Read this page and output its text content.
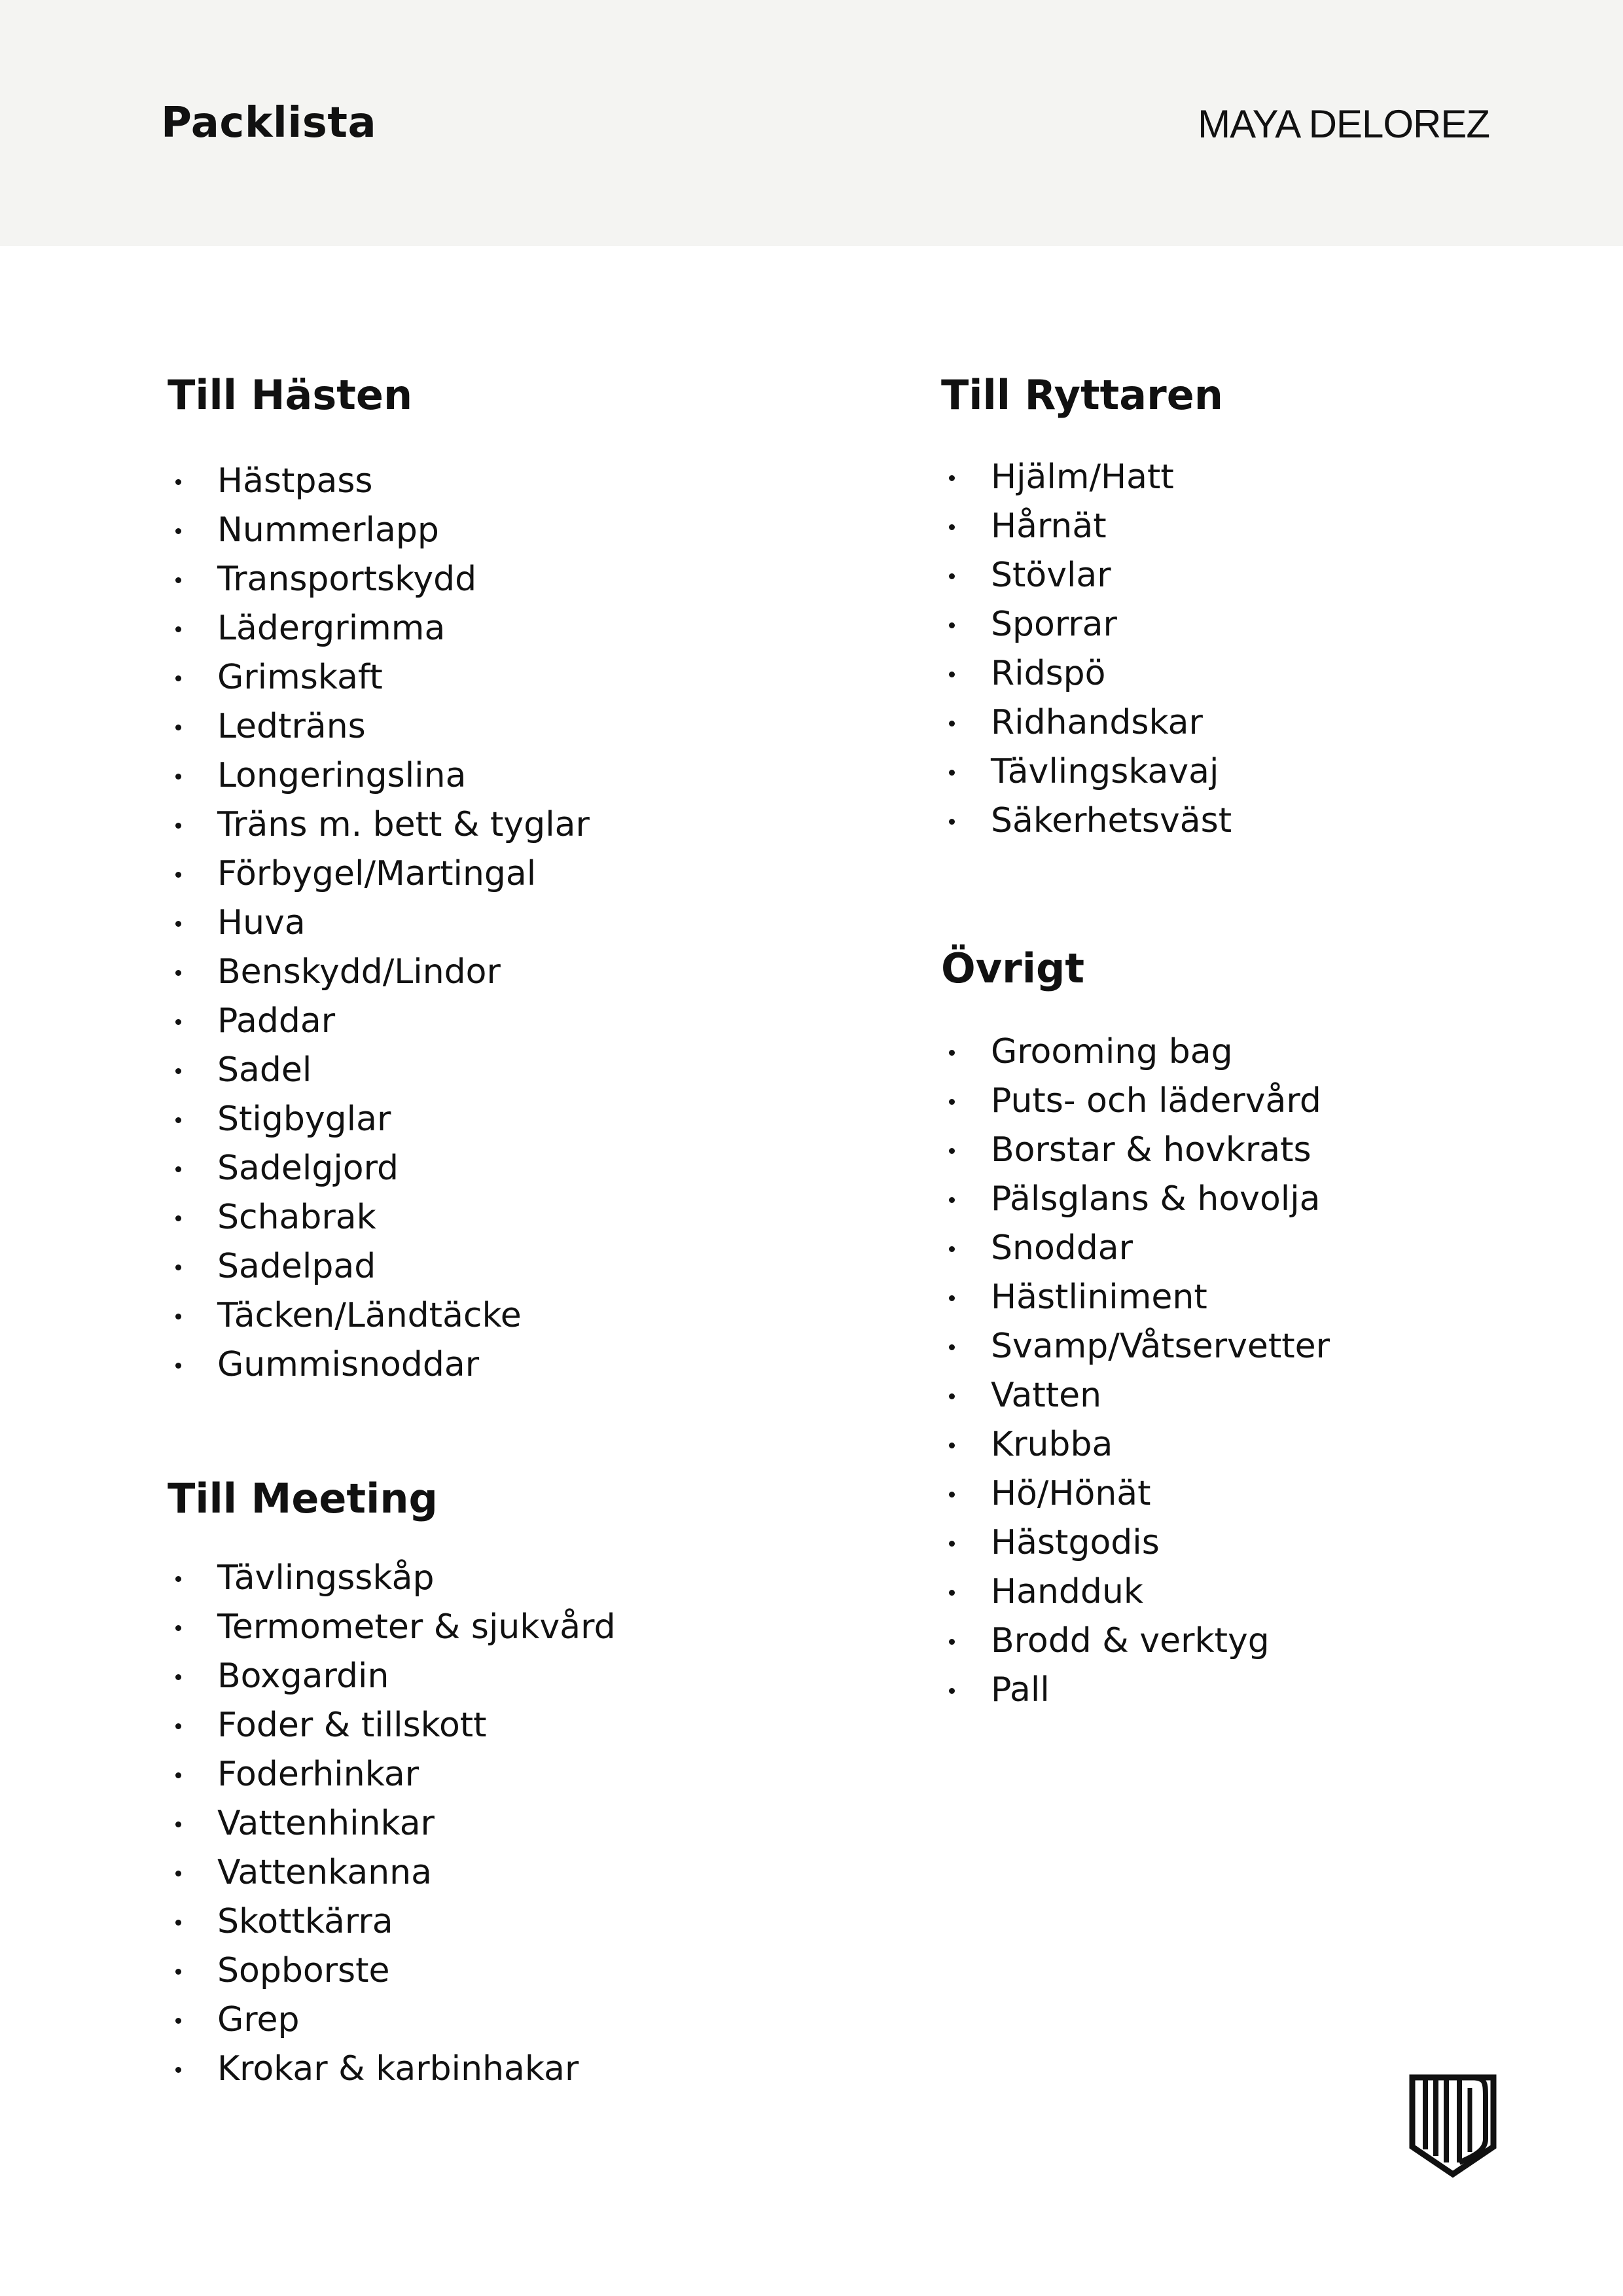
Packlista	MAYA DELOREZ
Till Hästen
Hästpass
Nummerlapp
Transportskydd
Lädergrimma
Grimskaft
Ledträns
Longeringslina
Träns m. bett & tyglar
Förbygel/Martingal
Huva
Benskydd/Lindor
Paddar
Sadel
Stigbyglar
Sadelgjord
Schabrak
Sadelpad
Täcken/Ländtäcke
Gummisnoddar
Till Meeting
Tävlingsskåp
Termometer & sjukvård
Boxgardin
Foder & tillskott
Foderhinkar
Vattenhinkar
Vattenkanna
Skottkärra
Sopborste
Grep
Krokar & karbinhakar
Till Ryttaren
Hjälm/Hatt
Hårnät
Stövlar
Sporrar
Ridspö
Ridhandskar
Tävlingskavaj
Säkerhetsväst
Övrigt
Grooming bag
Puts- och lädervård
Borstar & hovkrats
Pälsglans & hovolja
Snoddar
Hästliniment
Svamp/Våtservetter
Vatten
Krubba
Hö/Hönät
Hästgodis
Handduk
Brodd & verktyg
Pall
